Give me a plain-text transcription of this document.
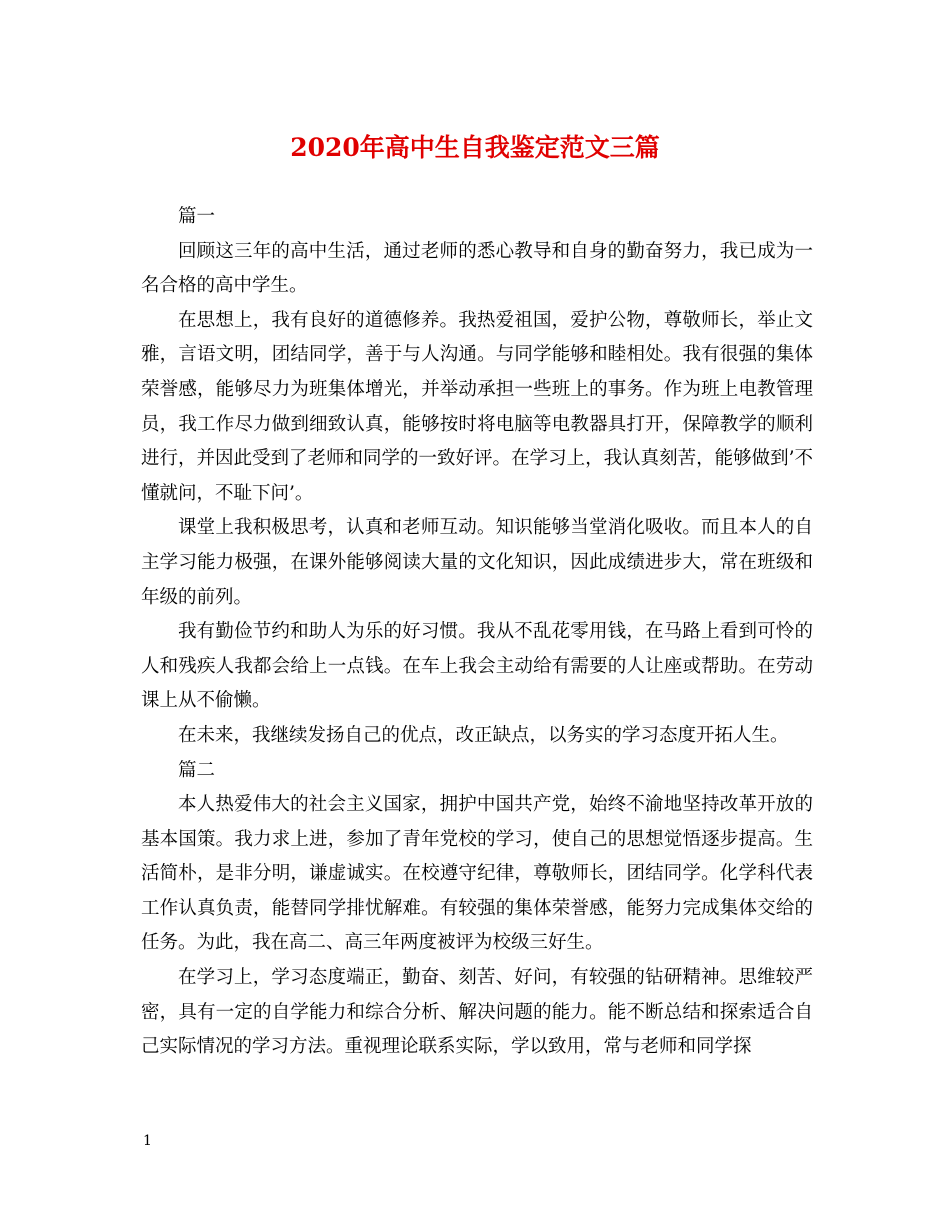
2020年高中生自我鉴定范文三篇

篇一

回顾这三年的高中生活，通过老师的悉心教导和自身的勤奋努力，我已成为一名合格的高中学生。

在思想上，我有良好的道德修养。我热爱祖国，爱护公物，尊敬师长，举止文雅，言语文明，团结同学，善于与人沟通。与同学能够和睦相处。我有很强的集体荣誉感，能够尽力为班集体增光，并举动承担一些班上的事务。作为班上电教管理员，我工作尽力做到细致认真，能够按时将电脑等电教器具打开，保障教学的顺利进行，并因此受到了老师和同学的一致好评。在学习上，我认真刻苦，能够做到’不懂就问，不耻下问’。

课堂上我积极思考，认真和老师互动。知识能够当堂消化吸收。而且本人的自主学习能力极强，在课外能够阅读大量的文化知识，因此成绩进步大，常在班级和年级的前列。

我有勤俭节约和助人为乐的好习惯。我从不乱花零用钱，在马路上看到可怜的人和残疾人我都会给上一点钱。在车上我会主动给有需要的人让座或帮助。在劳动课上从不偷懒。

在未来，我继续发扬自己的优点，改正缺点，以务实的学习态度开拓人生。

篇二

本人热爱伟大的社会主义国家，拥护中国共产党，始终不渝地坚持改革开放的基本国策。我力求上进，参加了青年党校的学习，使自己的思想觉悟逐步提高。生活简朴，是非分明，谦虚诚实。在校遵守纪律，尊敬师长，团结同学。化学科代表工作认真负责，能替同学排忧解难。有较强的集体荣誉感，能努力完成集体交给的任务。为此，我在高二、高三年两度被评为校级三好生。

在学习上，学习态度端正，勤奋、刻苦、好问，有较强的钻研精神。思维较严密，具有一定的自学能力和综合分析、解决问题的能力。能不断总结和探索适合自己实际情况的学习方法。重视理论联系实际，学以致用，常与老师和同学探

1
